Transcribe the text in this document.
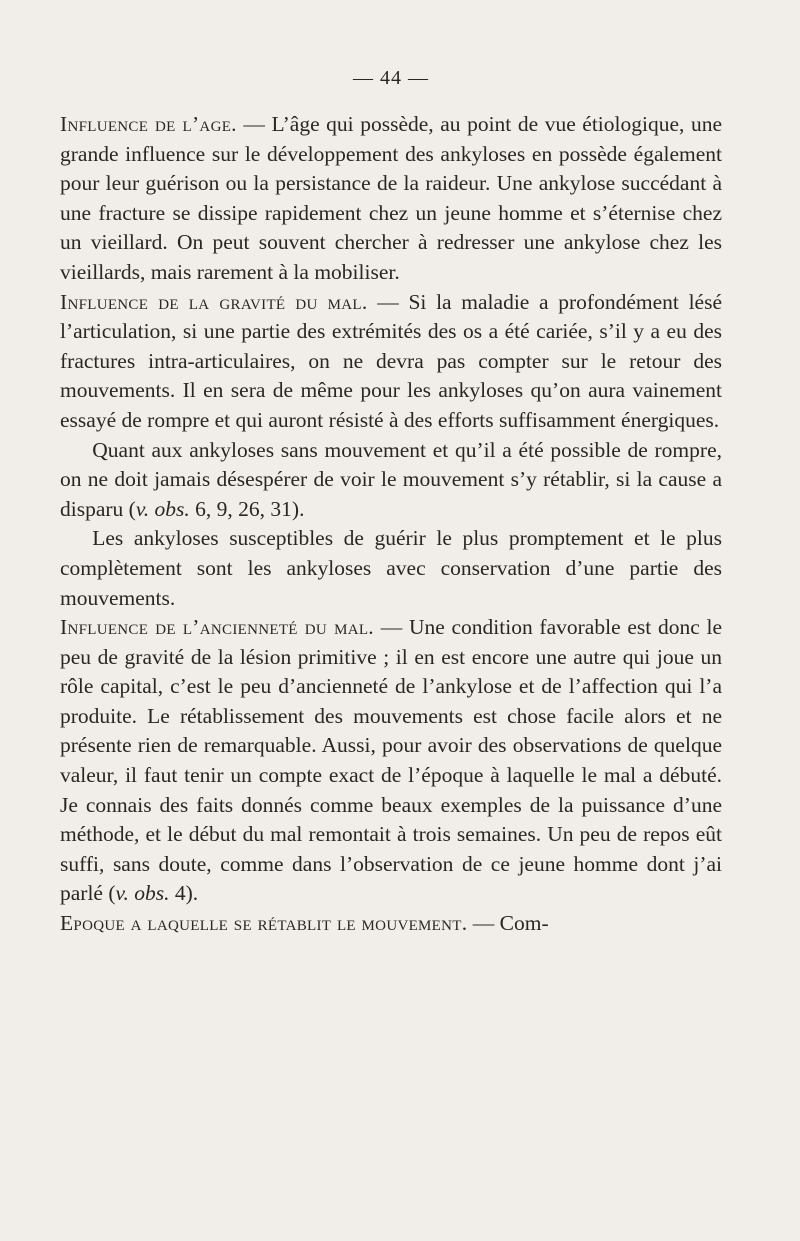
— 44 —

Influence de l’age. — L’âge qui possède, au point de vue étiologique, une grande influence sur le développement des ankyloses en possède également pour leur guérison ou la persistance de la raideur. Une ankylose succédant à une fracture se dissipe rapidement chez un jeune homme et s’éternise chez un vieillard. On peut souvent chercher à redresser une ankylose chez les vieillards, mais rarement à la mobiliser.

Influence de la gravité du mal. — Si la maladie a profondément lésé l’articulation, si une partie des extrémités des os a été cariée, s’il y a eu des fractures intra-articulaires, on ne devra pas compter sur le retour des mouvements. Il en sera de même pour les ankyloses qu’on aura vainement essayé de rompre et qui auront résisté à des efforts suffisamment énergiques.

Quant aux ankyloses sans mouvement et qu’il a été possible de rompre, on ne doit jamais désespérer de voir le mouvement s’y rétablir, si la cause a disparu (v. obs. 6, 9, 26, 31).

Les ankyloses susceptibles de guérir le plus promptement et le plus complètement sont les ankyloses avec conservation d’une partie des mouvements.

Influence de l’ancienneté du mal. — Une condition favorable est donc le peu de gravité de la lésion primitive ; il en est encore une autre qui joue un rôle capital, c’est le peu d’ancienneté de l’ankylose et de l’affection qui l’a produite. Le rétablissement des mouvements est chose facile alors et ne présente rien de remarquable. Aussi, pour avoir des observations de quelque valeur, il faut tenir un compte exact de l’époque à laquelle le mal a débuté. Je connais des faits donnés comme beaux exemples de la puissance d’une méthode, et le début du mal remontait à trois semaines. Un peu de repos eût suffi, sans doute, comme dans l’observation de ce jeune homme dont j’ai parlé (v. obs. 4).

Epoque a laquelle se rétablit le mouvement. — Com-
